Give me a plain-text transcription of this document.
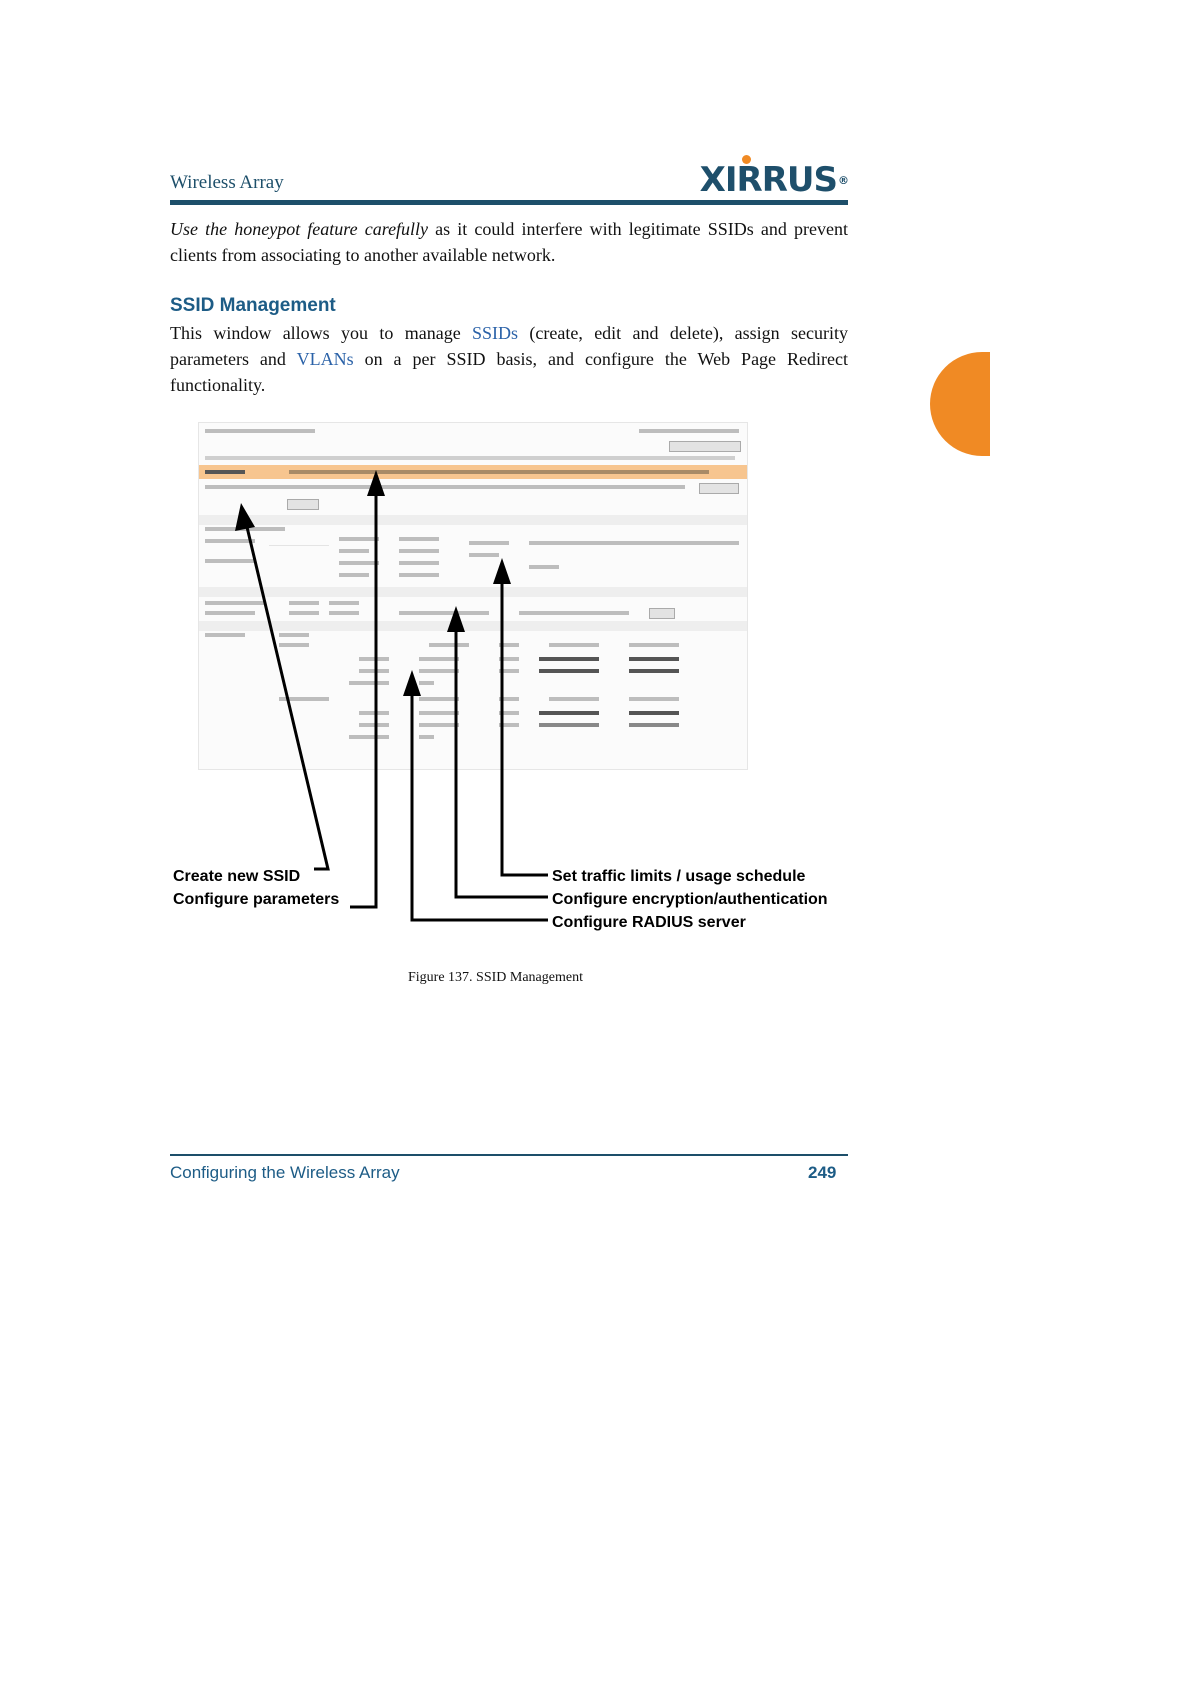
Wireless Array	XIRRUS ®
Use the honeypot feature carefully as it could interfere with legitimate SSIDs and prevent clients from associating to another available network.
SSID Management
This window allows you to manage SSIDs (create, edit and delete), assign security parameters and VLANs on a per SSID basis, and configure the Web Page Redirect functionality.
Create new SSID
Configure parameters
Set traffic limits / usage schedule
Configure encryption/authentication
Configure RADIUS server
Figure 137. SSID Management
Configuring the Wireless Array	249
